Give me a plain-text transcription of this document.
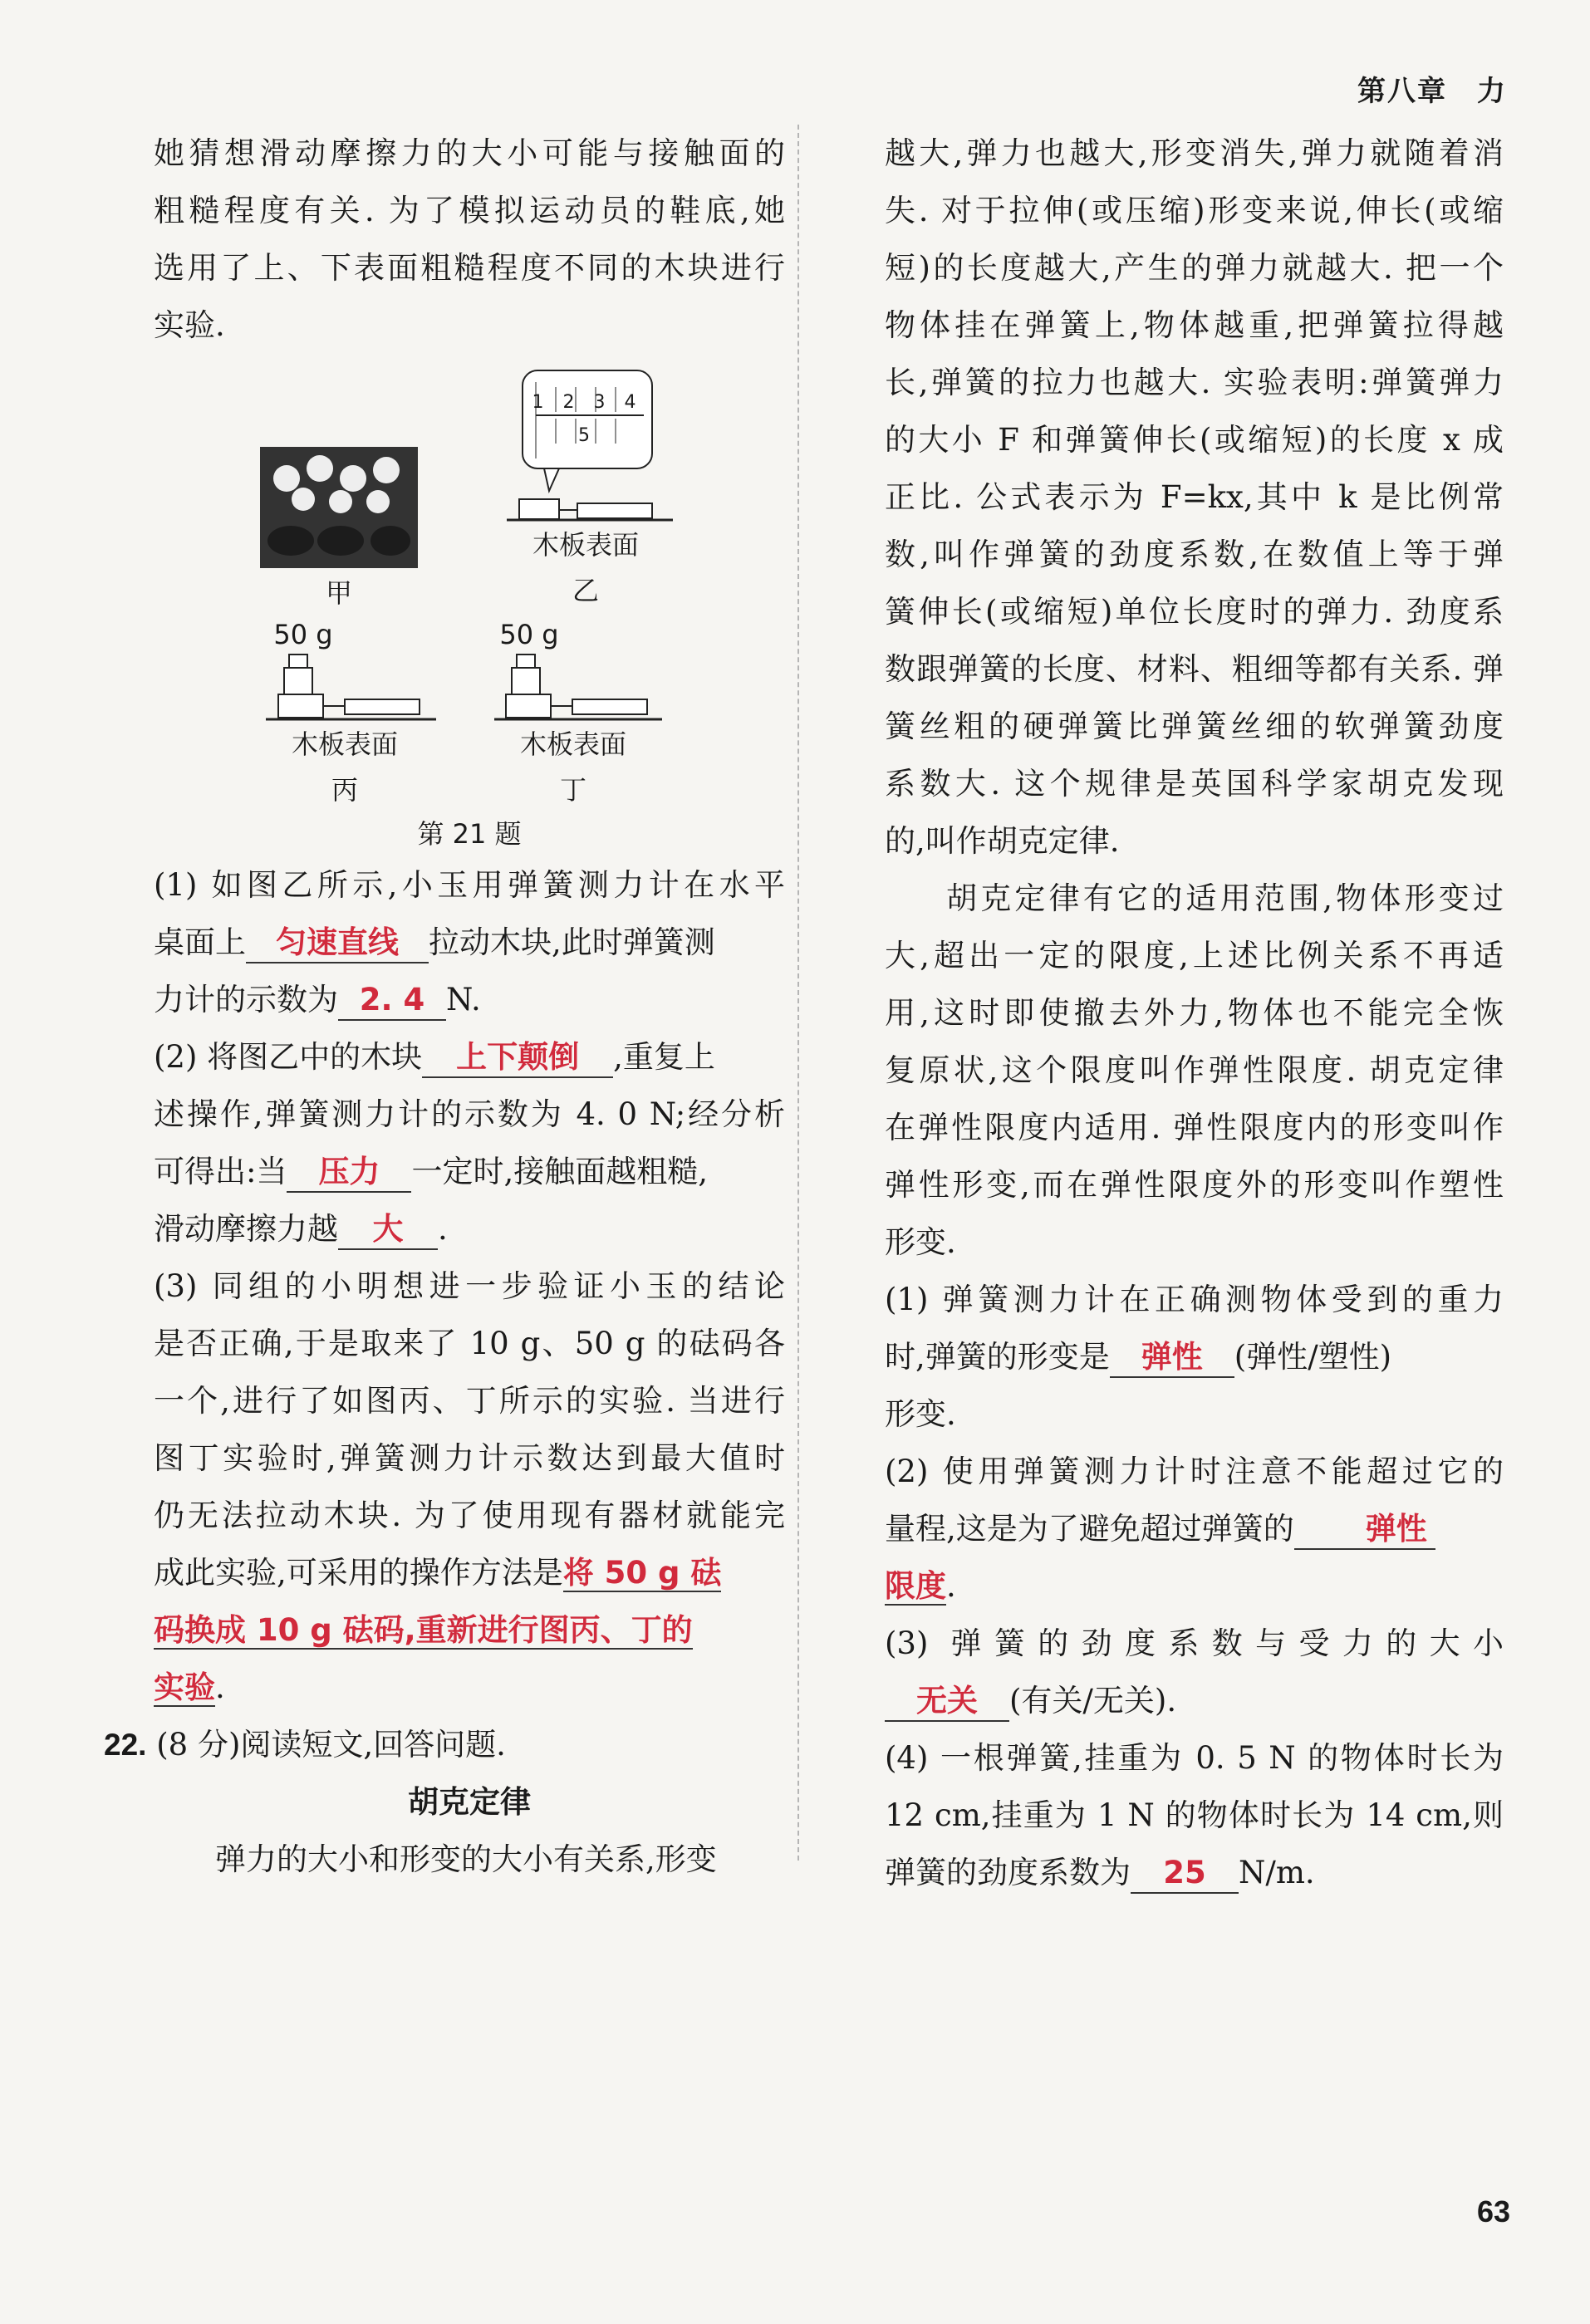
第八章　力

她猜想滑动摩擦力的大小可能与接触面的

粗糙程度有关. 为了模拟运动员的鞋底,她

选用了上、下表面粗糙程度不同的木块进行

实验.

1 2 3 4 5
甲
木板表面
乙
50 g	50 g
木板表面	木板表面
丙	丁
第 21 题

(1) 如图乙所示,小玉用弹簧测力计在水平

桌面上 匀速直线 拉动木块,此时弹簧测

力计的示数为 2. 4 N.

(2) 将图乙中的木块 上下颠倒 ,重复上

述操作,弹簧测力计的示数为 4. 0 N;经分析

可得出:当 压力 一定时,接触面越粗糙,

滑动摩擦力越 大 .

(3) 同组的小明想进一步验证小玉的结论

是否正确,于是取来了 10 g、50 g 的砝码各

一个,进行了如图丙、丁所示的实验. 当进行

图丁实验时,弹簧测力计示数达到最大值时

仍无法拉动木块. 为了使用现有器材就能完

成此实验,可采用的操作方法是将 50 g 砝

码换成 10 g 砝码,重新进行图丙、丁的

实验.

22. (8 分)阅读短文,回答问题.

胡克定律

弹力的大小和形变的大小有关系,形变

越大,弹力也越大,形变消失,弹力就随着消

失. 对于拉伸(或压缩)形变来说,伸长(或缩

短)的长度越大,产生的弹力就越大. 把一个

物体挂在弹簧上,物体越重,把弹簧拉得越

长,弹簧的拉力也越大. 实验表明:弹簧弹力

的大小 F 和弹簧伸长(或缩短)的长度 x 成

正比. 公式表示为 F=kx,其中 k 是比例常

数,叫作弹簧的劲度系数,在数值上等于弹

簧伸长(或缩短)单位长度时的弹力. 劲度系

数跟弹簧的长度、材料、粗细等都有关系. 弹

簧丝粗的硬弹簧比弹簧丝细的软弹簧劲度

系数大. 这个规律是英国科学家胡克发现

的,叫作胡克定律.

胡克定律有它的适用范围,物体形变过

大,超出一定的限度,上述比例关系不再适

用,这时即使撤去外力,物体也不能完全恢

复原状,这个限度叫作弹性限度. 胡克定律

在弹性限度内适用. 弹性限度内的形变叫作

弹性形变,而在弹性限度外的形变叫作塑性

形变.

(1) 弹簧测力计在正确测物体受到的重力

时,弹簧的形变是 弹性 (弹性/塑性)

形变.

(2) 使用弹簧测力计时注意不能超过它的

量程,这是为了避免超过弹簧的 弹性

限度.

(3) 弹簧的劲度系数与受力的大小

无关 (有关/无关).

(4) 一根弹簧,挂重为 0. 5 N 的物体时长为

12 cm,挂重为 1 N 的物体时长为 14 cm,则

弹簧的劲度系数为 25 N/m.

63
